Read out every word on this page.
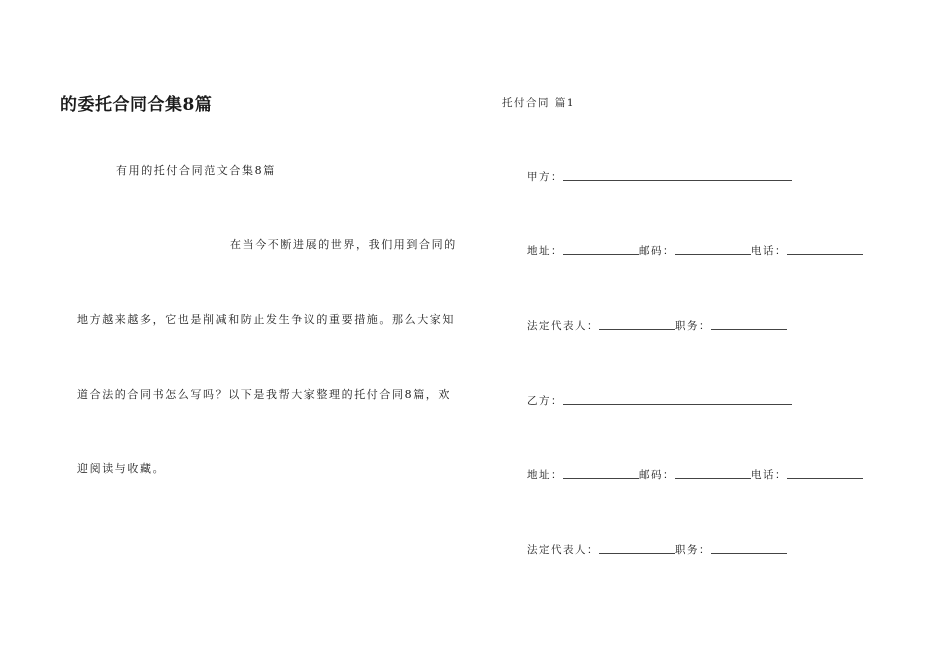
的委托合同合集8篇
有用的托付合同范文合集8篇
在当今不断进展的世界，我们用到合同的
地方越来越多，它也是削减和防止发生争议的重要措施。那么大家知
道合法的合同书怎么写吗？以下是我帮大家整理的托付合同8篇，欢
迎阅读与收藏。
托付合同 篇1
甲方：
地址：	邮码：	电话：
法定代表人：	职务：
乙方：
地址：	邮码：	电话：
法定代表人：	职务：
